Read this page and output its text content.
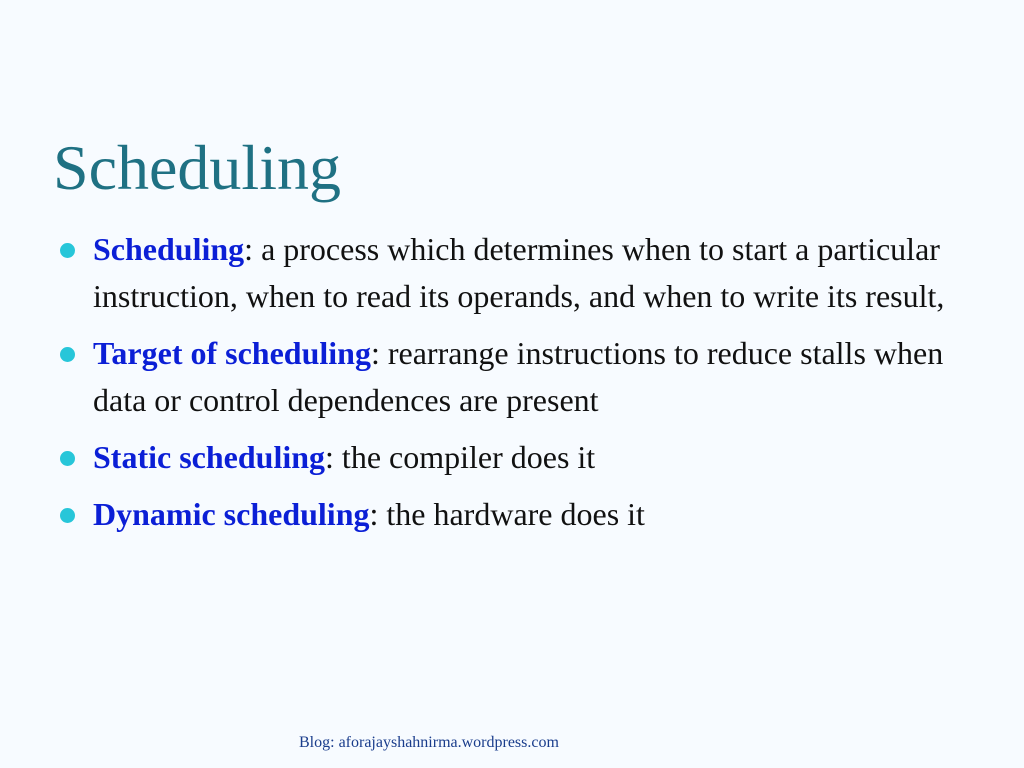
Scheduling
Scheduling: a process which determines when to start a particular instruction, when to read its operands, and when to write its result,
Target of scheduling: rearrange instructions to reduce stalls when data or control dependences are present
Static scheduling: the compiler does it
Dynamic scheduling: the hardware does it
Blog: aforajayshahnirma.wordpress.com
